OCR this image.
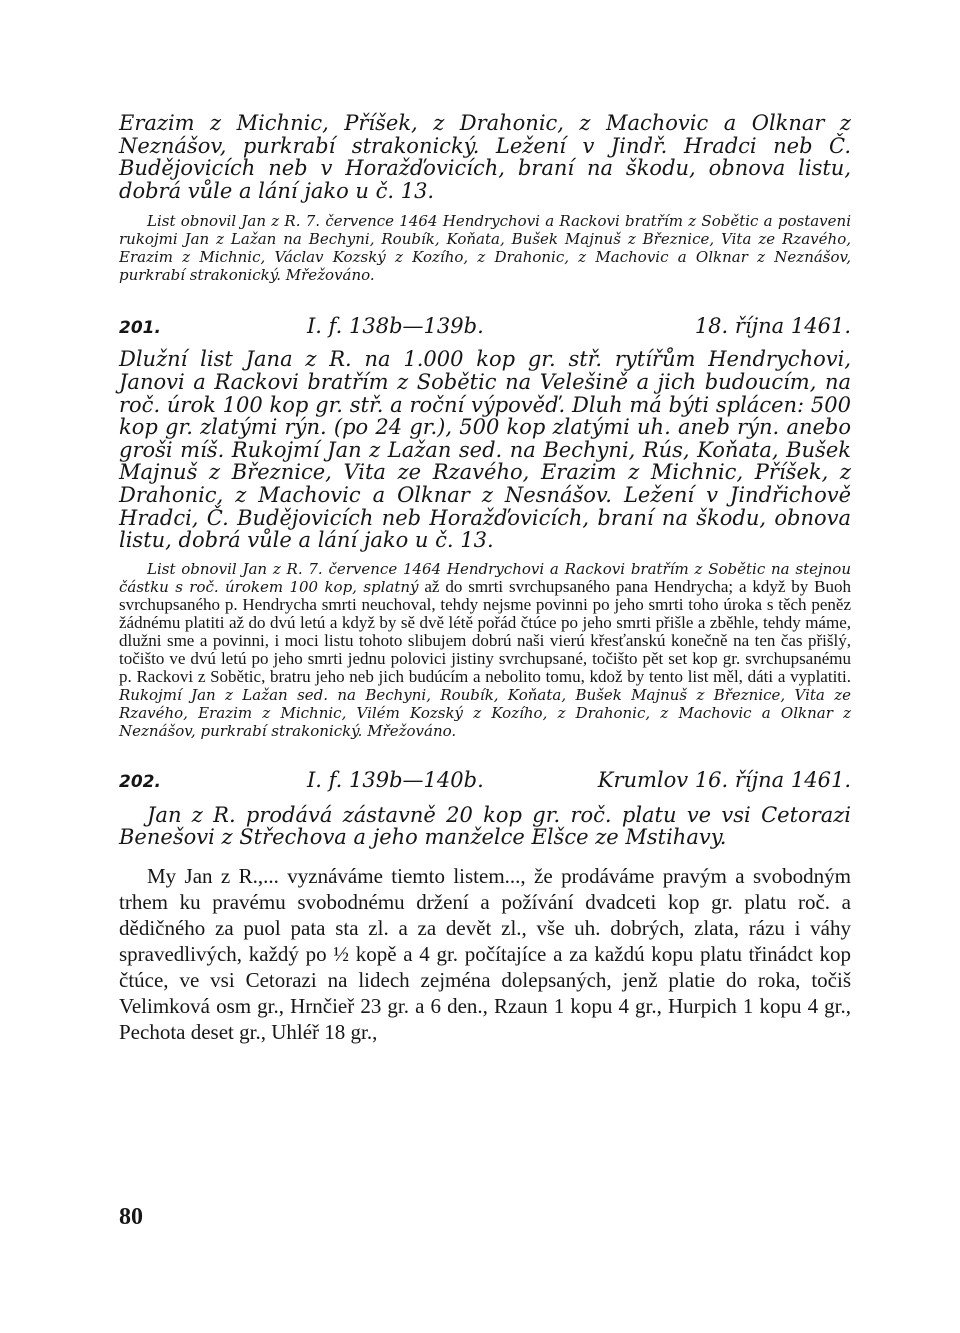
Erazim z Michnic, Příšek, z Drahonic, z Machovic a Olknar z Neznášov, purkrabí strakonický. Ležení v Jindř. Hradci neb Č. Budějovicích neb v Horažďovicích, braní na škodu, obnova listu, dobrá vůle a lání jako u č. 13.

List obnovil Jan z R. 7. července 1464 Hendrychovi a Rackovi bratřím z Sobětic a postaveni rukojmi Jan z Lažan na Bechyni, Roubík, Koňata, Bušek Majnuš z Březnice, Vita ze Rzavého, Erazim z Michnic, Václav Kozský z Kozího, z Drahonic, z Machovic a Olknar z Neznášov, purkrabí strakonický. Mřežováno.

201.	I. f. 138b—139b.	18. října 1461.

Dlužní list Jana z R. na 1.000 kop gr. stř. rytířům Hendrychovi, Janovi a Rackovi bratřím z Sobětic na Velešině a jich budoucím, na roč. úrok 100 kop gr. stř. a roční výpověď. Dluh má býti splácen: 500 kop gr. zlatými rýn. (po 24 gr.), 500 kop zlatými uh. aneb rýn. anebo groši míš. Rukojmí Jan z Lažan sed. na Bechyni, Rús, Koňata, Bušek Majnuš z Březnice, Vita ze Rzavého, Erazim z Michnic, Příšek, z Drahonic, z Machovic a Olknar z Nesnášov. Ležení v Jindřichově Hradci, Č. Budějovicích neb Horažďovicích, braní na škodu, obnova listu, dobrá vůle a lání jako u č. 13.

List obnovil Jan z R. 7. července 1464 Hendrychovi a Rackovi bratřím z Sobětic na stejnou částku s roč. úrokem 100 kop, splatný až do smrti svrchupsaného pana Hendrycha; a když by Buoh svrchupsaného p. Hendrycha smrti neuchoval, tehdy nejsme povinni po jeho smrti toho úroka s těch peněz žádnému platiti až do dvú letú a když by sě dvě létě pořád čtúce po jeho smrti přišle a zběhle, tehdy máme, dlužni sme a povinni, i moci listu tohoto slibujem dobrú naši vierú křesťanskú konečně na ten čas přišlý, točišto ve dvú letú po jeho smrti jednu polovici jistiny svrchupsané, točišto pět set kop gr. svrchupsanému p. Rackovi z Sobětic, bratru jeho neb jich budúcím a nebolito tomu, kdož by tento list měl, dáti a vyplatiti. Rukojmí Jan z Lažan sed. na Bechyni, Roubík, Koňata, Bušek Majnuš z Březnice, Vita ze Rzavého, Erazim z Michnic, Vilém Kozský z Kozího, z Drahonic, z Machovic a Olknar z Neznášov, purkrabí strakonický. Mřežováno.

202.	I. f. 139b—140b.	Krumlov 16. října 1461.

Jan z R. prodává zástavně 20 kop gr. roč. platu ve vsi Cetorazi Benešovi z Střechova a jeho manželce Elšce ze Mstihavy.

My Jan z R.,... vyznáváme tiemto listem..., že prodáváme pravým a svobodným trhem ku pravému svobodnému držení a požívání dvadceti kop gr. platu roč. a dědičného za puol pata sta zl. a za devět zl., vše uh. dobrých, zlata, rázu i váhy spravedlivých, každý po ½ kopě a 4 gr. počítajíce a za každú kopu platu třinádct kop čtúce, ve vsi Cetorazi na lidech zejména dolepsaných, jenž platie do roka, točiš Velimková osm gr., Hrnčieř 23 gr. a 6 den., Rzaun 1 kopu 4 gr., Hurpich 1 kopu 4 gr., Pechota deset gr., Uhléř 18 gr.,

80
